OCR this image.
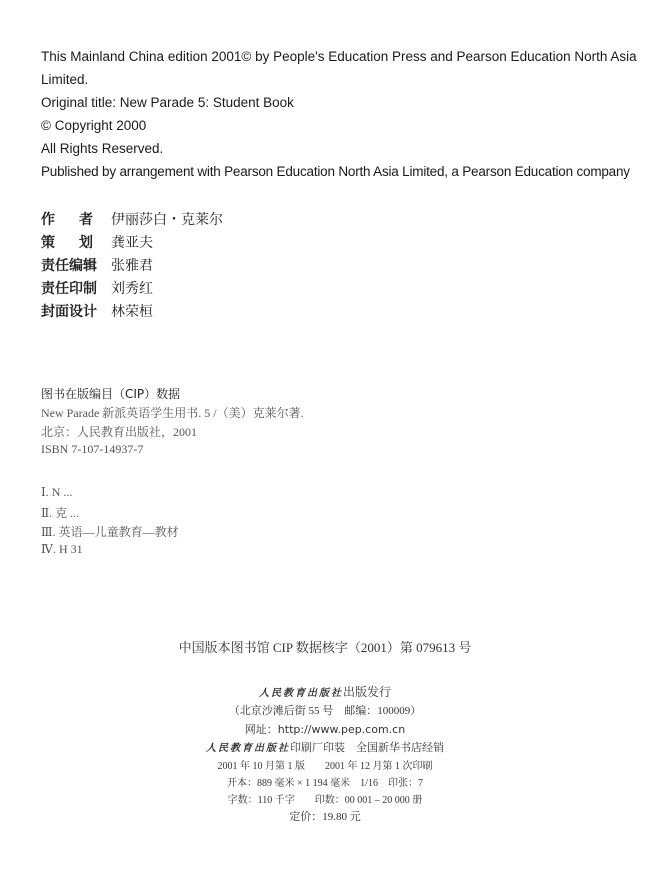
This Mainland China edition 2001© by People's Education Press and Pearson Education North Asia
Limited.
Original title: New Parade 5: Student Book
© Copyright 2000
All Rights Reserved.
Published by arrangement with Pearson Education North Asia Limited, a Pearson Education company
作者伊丽莎白・克莱尔
策划龚亚夫
责任编辑 张雅君
责任印制 刘秀红
封面设计 林荣桓
图书在版编目（CIP）数据
New Parade 新派英语学生用书. 5 /（美）克莱尔著.
北京：人民教育出版社，2001
ISBN 7-107-14937-7
Ⅰ. N ...
Ⅱ. 克 ...
Ⅲ. 英语—儿童教育—教材
Ⅳ. H 31
中国版本图书馆 CIP 数据核字（2001）第 079613 号
人民教育出版社出版发行
（北京沙滩后街 55 号　邮编：100009）
网址：http://www.pep.com.cn
人民教育出版社印刷厂印装　全国新华书店经销
2001 年 10 月第 1 版　　2001 年 12 月第 1 次印刷
开本：889 毫米 × 1 194 毫米　1/16　印张：7
字数：110 千字　　印数：00 001 – 20 000 册
定价：19.80 元
